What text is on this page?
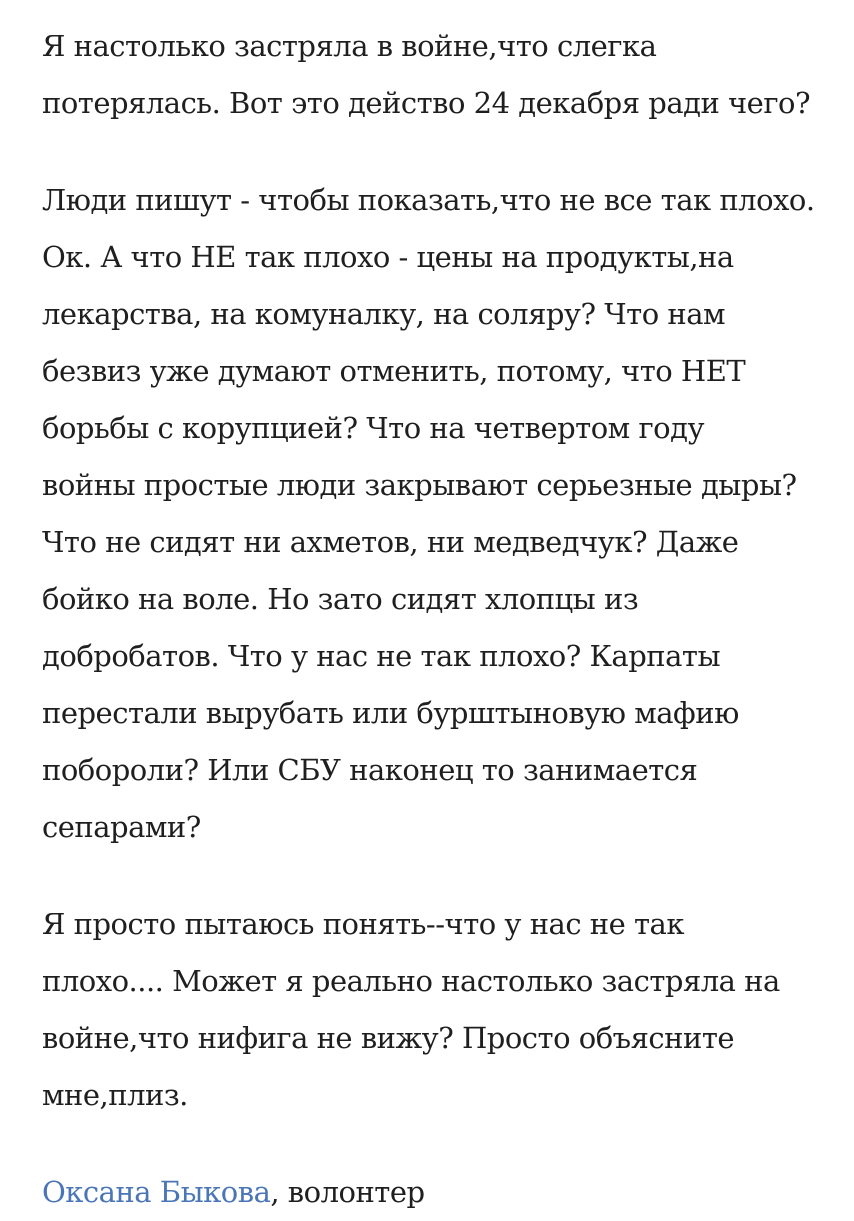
Я настолько застряла в войне,что слегка
потерялась. Вот это действо 24 декабря ради чего?

Люди пишут - чтобы показать,что не все так плохо.
Ок. А что НЕ так плохо - цены на продукты,на
лекарства, на комуналку, на соляру? Что нам
безвиз уже думают отменить, потому, что НЕТ
борьбы с корупцией? Что на четвертом году
войны простые люди закрывают серьезные дыры?
Что не сидят ни ахметов, ни медведчук? Даже
бойко на воле. Но зато сидят хлопцы из
добробатов. Что у нас не так плохо? Карпаты
перестали вырубать или бурштыновую мафию
побороли? Или СБУ наконец то занимается
сепарами?

Я просто пытаюсь понять--что у нас не так
плохо.... Может я реально настолько застряла на
войне,что нифига не вижу? Просто объясните
мне,плиз.

Оксана Быкова, волонтер
